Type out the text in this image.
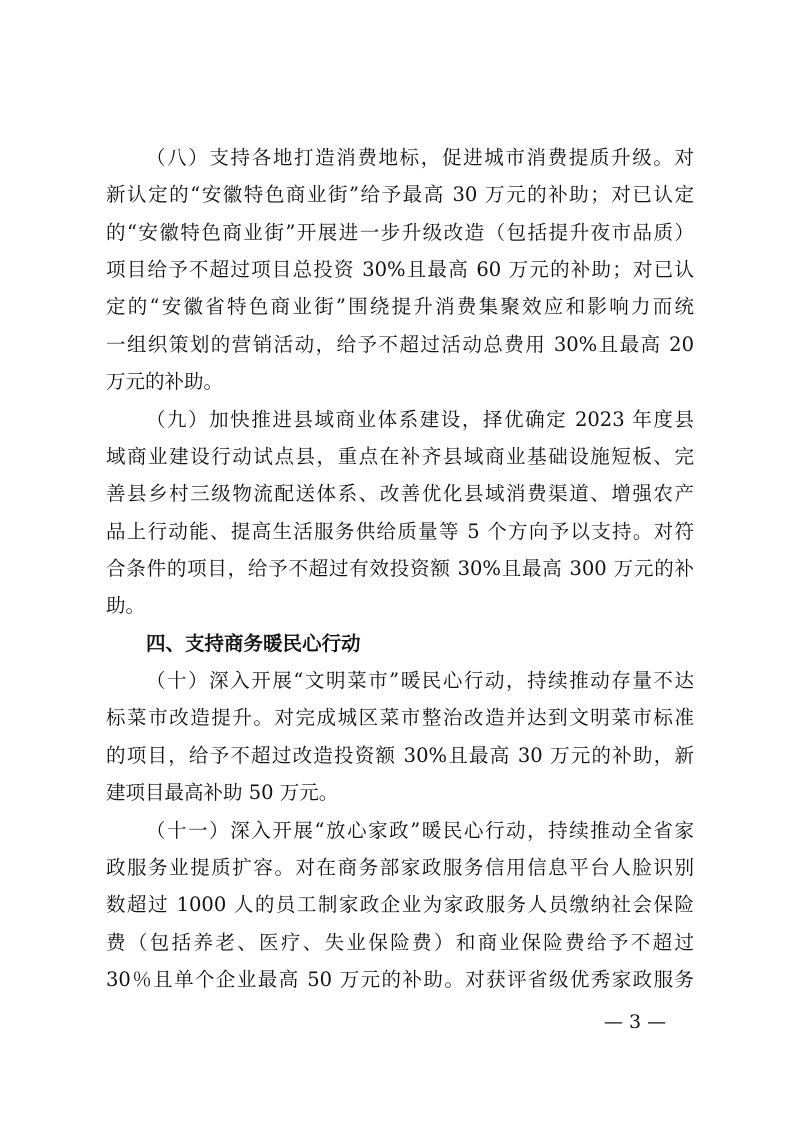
（八）支持各地打造消费地标，促进城市消费提质升级。对
新认定的“安徽特色商业街”给予最高 30 万元的补助；对已认定
的“安徽特色商业街”开展进一步升级改造（包括提升夜市品质）
项目给予不超过项目总投资 30%且最高 60 万元的补助；对已认
定的“安徽省特色商业街”围绕提升消费集聚效应和影响力而统
一组织策划的营销活动，给予不超过活动总费用 30%且最高 20
万元的补助。
（九）加快推进县域商业体系建设，择优确定 2023 年度县
域商业建设行动试点县，重点在补齐县域商业基础设施短板、完
善县乡村三级物流配送体系、改善优化县域消费渠道、增强农产
品上行动能、提高生活服务供给质量等 5 个方向予以支持。对符
合条件的项目，给予不超过有效投资额 30%且最高 300 万元的补
助。
四、支持商务暖民心行动
（十）深入开展“文明菜市”暖民心行动，持续推动存量不达
标菜市改造提升。对完成城区菜市整治改造并达到文明菜市标准
的项目，给予不超过改造投资额 30%且最高 30 万元的补助，新
建项目最高补助 50 万元。
（十一）深入开展“放心家政”暖民心行动，持续推动全省家
政服务业提质扩容。对在商务部家政服务信用信息平台人脸识别
数超过 1000 人的员工制家政企业为家政服务人员缴纳社会保险
费（包括养老、医疗、失业保险费）和商业保险费给予不超过
30％且单个企业最高 50 万元的补助。对获评省级优秀家政服务
— 3 —
